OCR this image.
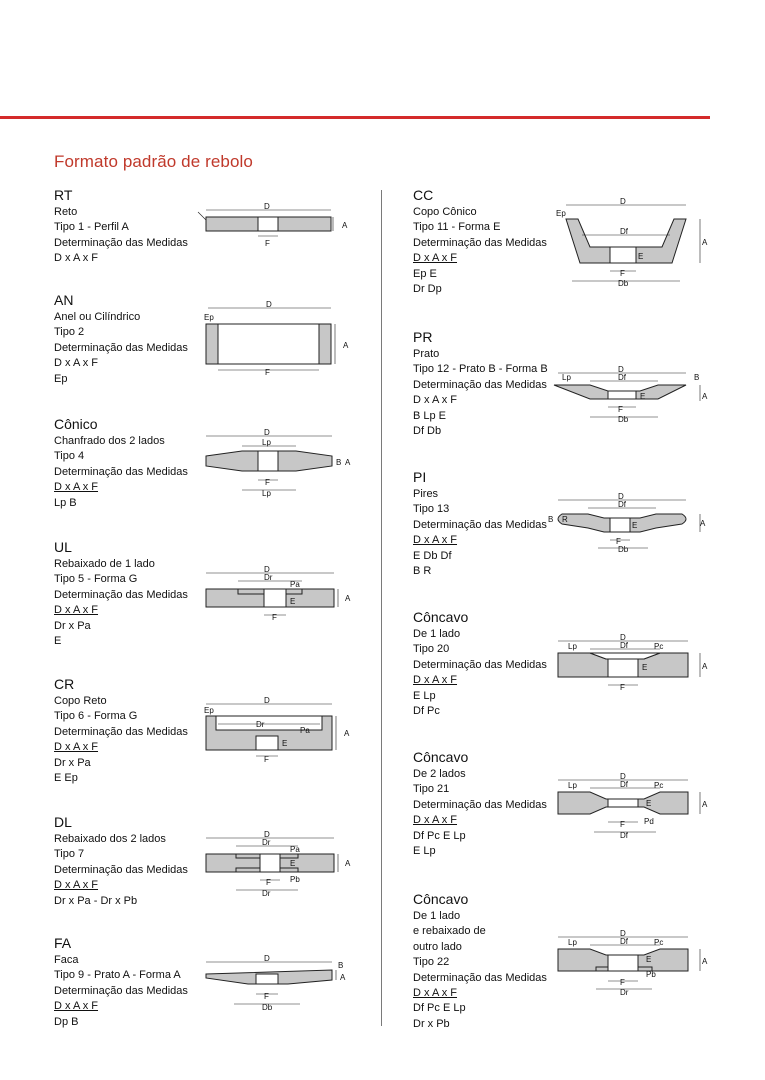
Formato padrão de rebolo
RT
Reto
Tipo 1 - Perfil A
Determinação das Medidas
D x A x F
AN
Anel ou Cilíndrico
Tipo 2
Determinação das Medidas
D x A x F
Ep
Cônico
Chanfrado dos 2 lados
Tipo 4
Determinação das Medidas
D x A x F
Lp B
UL
Rebaixado de 1 lado
Tipo 5 - Forma G
Determinação das Medidas
D x A x F
Dr x Pa
E
CR
Copo Reto
Tipo 6 - Forma G
Determinação das Medidas
D x A x F
Dr x Pa
E Ep
DL
Rebaixado dos 2 lados
Tipo 7
Determinação das Medidas
D x A x F
Dr x Pa - Dr x Pb
FA
Faca
Tipo 9 - Prato A - Forma A
Determinação das Medidas
D x A x F
Dp B
CC
Copo Cônico
Tipo 11 - Forma E
Determinação das Medidas
D x A x F
Ep E
Dr Dp
PR
Prato
Tipo 12 - Prato B - Forma B
Determinação das Medidas
D x A x F
B Lp E
Df Db
PI
Pires
Tipo 13
Determinação das Medidas
D x A x F
E Db Df
B R
Côncavo
De 1 lado
Tipo 20
Determinação das Medidas
D x A x F
E Lp
Df Pc
Côncavo
De 2 lados
Tipo 21
Determinação das Medidas
D x A x F
Df Pc E Lp
E Lp
Côncavo
De 1 lado
e rebaixado de
outro lado
Tipo 22
Determinação das Medidas
D x A x F
Df Pc E Lp
Dr x Pb
D
A
F
D
Ep
A
F
D
Lp
B A
F
Lp
D
Dr
Pa
E	A
F
D
Ep
Dr
Pa
E
A
F
D
Dr
Pa
E	A
F Pb
Dr
D
B
A
F
Db
D
Ep
Df
E
A
F
Db
D
Lp	Df
E
B
A
F
Db
D
Df
R
E
B	A
F
Db
D
Lp	Df	Pc
E	A
F
D
Lp	Df	Pc
E	A
F Pd
Df
D
Lp	Df	Pc
E	A
Pb
F
Dr
